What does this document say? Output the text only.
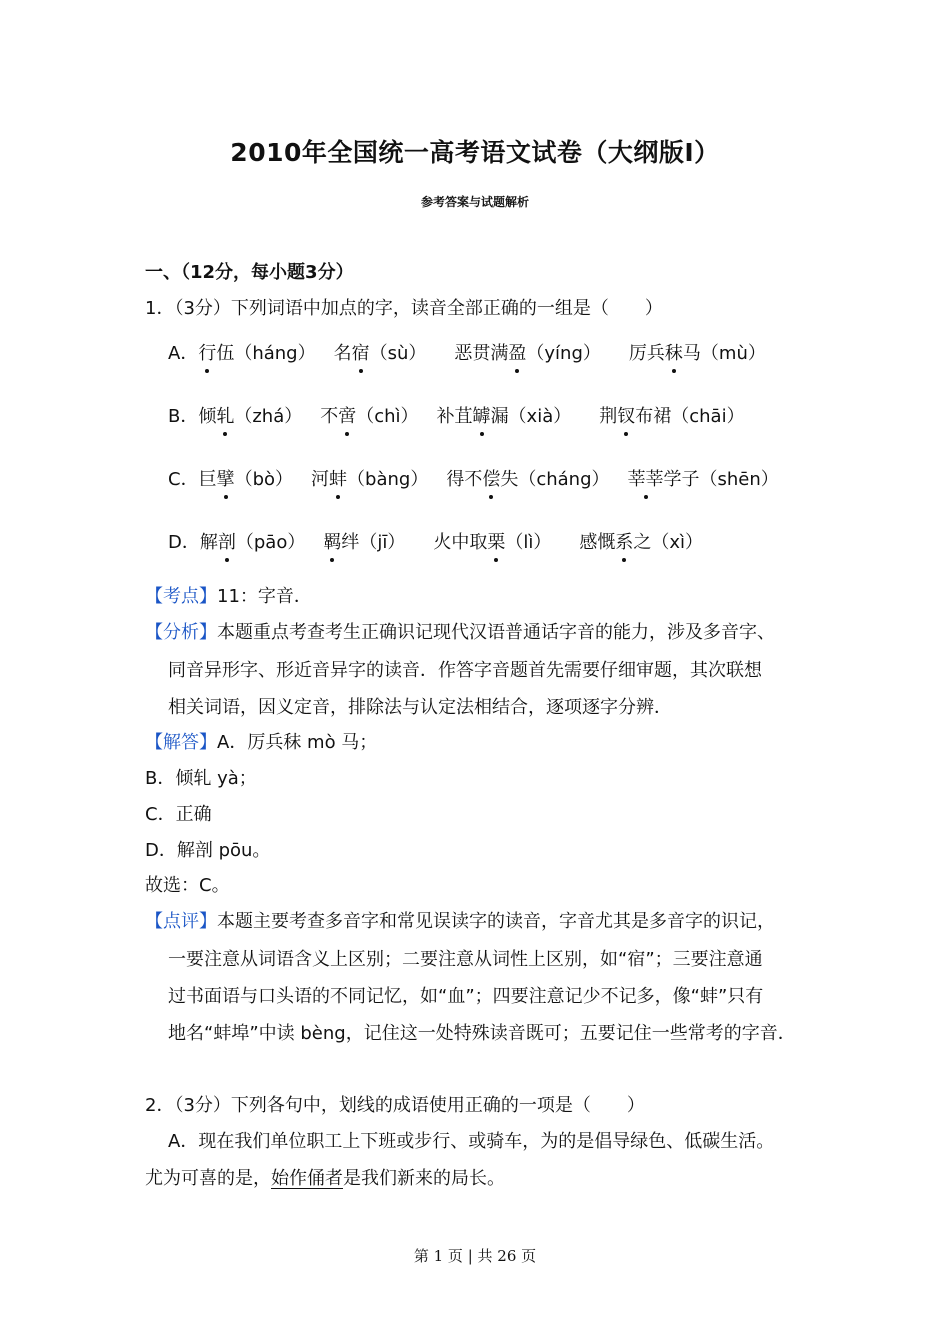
2010年全国统一高考语文试卷（大纲版Ⅰ）
参考答案与试题解析
一、（12分，每小题3分）
1．（3分）下列词语中加点的字，读音全部正确的一组是（　　）
A．行伍（háng） 名宿（sù） 恶贯满盈（yíng） 厉兵秣马（mù）
B．倾轧（zhá） 不啻（chì） 补苴罅漏（xià） 荆钗布裙（chāi）
C．巨擘（bò） 河蚌（bàng） 得不偿失（cháng） 莘莘学子（shēn）
D．解剖（pāo） 羁绊（jī） 火中取栗（lì） 感慨系之（xì）
【考点】11：字音．
【分析】本题重点考查考生正确识记现代汉语普通话字音的能力，涉及多音字、
同音异形字、形近音异字的读音．作答字音题首先需要仔细审题，其次联想
相关词语，因义定音，排除法与认定法相结合，逐项逐字分辨．
【解答】A．厉兵秣 mò 马；
B．倾轧 yà；
C．正确
D．解剖 pōu。
故选：C。
【点评】本题主要考查多音字和常见误读字的读音，字音尤其是多音字的识记，
一要注意从词语含义上区别；二要注意从词性上区别，如“宿”；三要注意通
过书面语与口头语的不同记忆，如“血”；四要注意记少不记多，像“蚌”只有
地名“蚌埠”中读 bèng，记住这一处特殊读音既可；五要记住一些常考的字音．
2．（3分）下列各句中，划线的成语使用正确的一项是（　　）
A．现在我们单位职工上下班或步行、或骑车，为的是倡导绿色、低碳生活。
尤为可喜的是，始作俑者是我们新来的局长。
第 1 页 | 共 26 页
